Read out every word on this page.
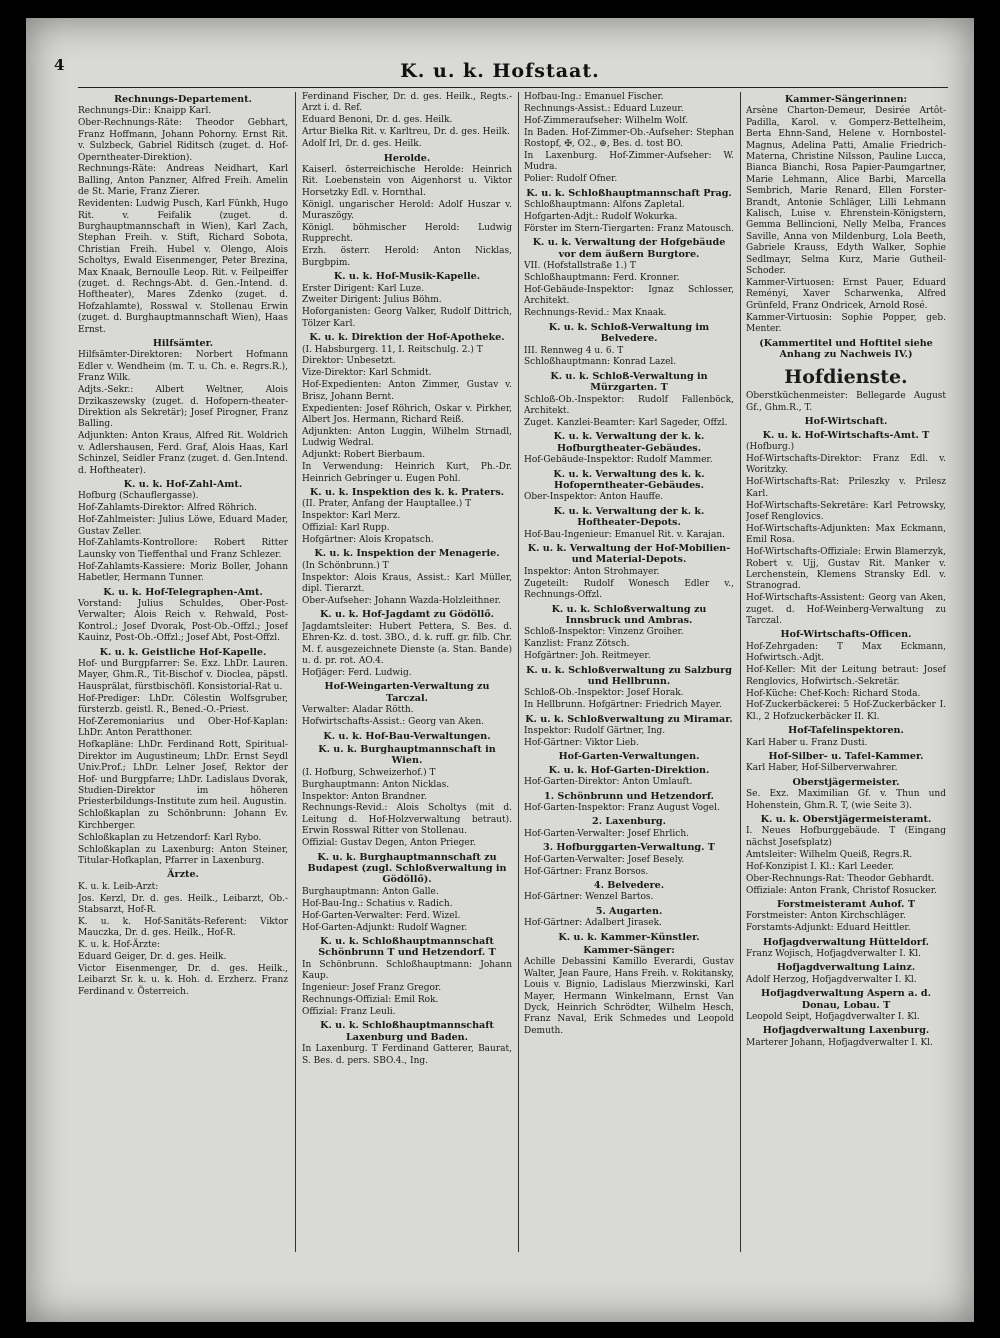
4	K. u. k. Hofstaat.
Rechnungs-Departement.
Rechnungs-Dir.: Knaipp Karl.
Ober-Rechnungs-Räte: Theodor Gebhart, Franz Hoffmann, Johann Pohorny. Ernst Rit. v. Sulzbeck, Gabriel Riditsch (zuget. d. Hof-Operntheater-Direktion).
Rechnungs-Räte: Andreas Neidhart, Karl Balling, Anton Panzner, Alfred Freih. Amelin de St. Marie, Franz Zierer.
Revidenten: Ludwig Pusch, Karl Fünkh, Hugo Rit. v. Feifalik (zuget. d. Burghauptmannschaft in Wien), Karl Zach, Stephan Freih. v. Stift, Richard Sobota, Christian Freih. Hubel v. Olengo, Alois Scholtys, Ewald Eisenmenger, Peter Brezina, Max Knaak, Bernoulle Leop. Rit. v. Feilpeiffer (zuget. d. Rechngs-Abt. d. Gen.-Intend. d. Hoftheater), Mares Zdenko (zuget. d. Hofzahlamte), Rosswal v. Stollenau Erwin (zuget. d. Burghauptmannschaft Wien), Haas Ernst.
Hilfsämter.
Hilfsämter-Direktoren: Norbert Hofmann Edler v. Wendheim (m. T. u. Ch. e. Regrs.R.), Franz Wilk.
Adjts.-Sekr.: Albert Weltner, Alois Drzikaszewsky (zuget. d. Hofopern-theater-Direktion als Sekretär); Josef Pirogner, Franz Balling.
Adjunkten: Anton Kraus, Alfred Rit. Woldrich v. Adlershausen, Ferd. Graf, Alois Haas, Karl Schinzel, Seidler Franz (zuget. d. Gen.Intend. d. Hoftheater).
K. u. k. Hof-Zahl-Amt.
Hofburg (Schauflergasse).
Hof-Zahlamts-Direktor: Alfred Röhrich.
Hof-Zahlmeister: Julius Löwe, Eduard Mader, Gustav Zeller.
Hof-Zahlamts-Kontrollore: Robert Ritter Launsky von Tieffenthal und Franz Schlezer.
Hof-Zahlamts-Kassiere: Moriz Boller, Johann Habetler, Hermann Tunner.
K. u. k. Hof-Telegraphen-Amt.
Vorstand: Julius Schuldes, Ober-Post-Verwalter; Alois Reich v. Rehwald, Post-Kontrol.; Josef Dvorak, Post-Ob.-Offzl.; Josef Kauinz, Post-Ob.-Offzl.; Josef Abt, Post-Offzl.
K. u. k. Geistliche Hof-Kapelle.
Hof- und Burgpfarrer: Se. Exz. LhDr. Lauren. Mayer, Ghm.R., Tit-Bischof v. Dioclea, päpstl. Hausprälat, fürstbischöfl. Konsistorial-Rat u.
Hof-Prediger: LhDr. Cölestin Wolfsgruber, fürsterzb. geistl. R., Bened.-O.-Priest.
Hof-Zeremoniarius und Ober-Hof-Kaplan: LhDr. Anton Peratthoner.
Hofkapläne: LhDr. Ferdinand Rott, Spiritual-Direktor im Augustineum; LhDr. Ernst Seydl Univ.Prof.; LhDr. Lelner Josef, Rektor der Hof- und Burgpfarre; LhDr. Ladislaus Dvorak, Studien-Direktor im höheren Priesterbildungs-Institute zum heil. Augustin.
Schloßkaplan zu Schönbrunn: Johann Ev. Kirchberger.
Schloßkaplan zu Hetzendorf: Karl Rybo.
Schloßkaplan zu Laxenburg: Anton Steiner, Titular-Hofkaplan, Pfarrer in Laxenburg.
Ärzte.
K. u. k. Leib-Arzt:
Jos. Kerzl, Dr. d. ges. Heilk., Leibarzt, Ob.-Stabsarzt, Hof-R.
K. u. k. Hof-Sanitäts-Referent: Viktor Mauczka, Dr. d. ges. Heilk., Hof-R.
K. u. k. Hof-Ärzte:
Eduard Geiger, Dr. d. ges. Heilk.
Victor Eisenmenger, Dr. d. ges. Heilk., Leibarzt Sr. k. u. k. Hoh. d. Erzherz. Franz Ferdinand v. Österreich.
Ferdinand Fischer, Dr. d. ges. Heilk., Regts.-Arzt i. d. Ref.
Eduard Benoni, Dr. d. ges. Heilk.
Artur Bielka Rit. v. Karltreu, Dr. d. ges. Heilk.
Adolf Irl, Dr. d. ges. Heilk.
Herolde.
Kaiserl. österreichische Herolde: Heinrich Rit. Loebenstein von Aigenhorst u. Viktor Horsetzky Edl. v. Hornthal.
Königl. ungarischer Herold: Adolf Huszar v. Muraszögy.
Königl. böhmischer Herold: Ludwig Rupprecht.
Erzh. österr. Herold: Anton Nicklas, Burgbpim.
K. u. k. Hof-Musik-Kapelle.
Erster Dirigent: Karl Luze.
Zweiter Dirigent: Julius Böhm.
Hoforganisten: Georg Valker, Rudolf Dittrich, Tölzer Karl.
K. u. k. Direktion der Hof-Apotheke.
(I. Habsburgerg. 11, I. Reitschulg. 2.) T
Direktor: Unbesetzt.
Vize-Direktor: Karl Schmidt.
Hof-Expedienten: Anton Zimmer, Gustav v. Brisz, Johann Bernt.
Expedienten: Josef Röhrich, Oskar v. Pirkher, Albert Jos. Hermann, Richard Reiß.
Adjunkten: Anton Luggin, Wilhelm Strnadl, Ludwig Wedral.
Adjunkt: Robert Bierbaum.
In Verwendung: Heinrich Kurt, Ph.-Dr. Heinrich Gebringer u. Eugen Pohl.
K. u. k. Inspektion des k. k. Praters.
(II. Prater, Anfang der Hauptallee.) T
Inspektor: Karl Merz.
Offizial: Karl Rupp.
Hofgärtner: Alois Kropatsch.
K. u. k. Inspektion der Menagerie.
(In Schönbrunn.) T
Inspektor: Alois Kraus, Assist.: Karl Müller, dipl. Tierarzt.
Ober-Aufseher: Johann Wazda-Holzleithner.
K. u. k. Hof-Jagdamt zu Gödöllő.
Jagdamtsleiter: Hubert Pettera, S. Bes. d. Ehren-Kz. d. tost. 3BO., d. k. ruff. gr. filb. Chr. M. f. ausgezeichnete Dienste (a. Stan. Bande) u. d. pr. rot. AO.4.
Hofjäger: Ferd. Ludwig.
Hof-Weingarten-Verwaltung zu Tarczal.
Verwalter: Aladar Rötth.
Hofwirtschafts-Assist.: Georg van Aken.
K. u. k. Hof-Bau-Verwaltungen.
K. u. k. Burghauptmannschaft in Wien.
(I. Hofburg, Schweizerhof.) T
Burghauptmann: Anton Nicklas.
Inspektor: Anton Brandner.
Rechnungs-Revid.: Alois Scholtys (mit d. Leitung d. Hof-Holzverwaltung betraut). Erwin Rosswal Ritter von Stollenau.
Offizial: Gustav Degen, Anton Prieger.
K. u. k. Burghauptmannschaft zu Budapest (zugl. Schloßverwaltung in Gödöllő).
Burghauptmann: Anton Galle.
Hof-Bau-Ing.: Schatius v. Radich.
Hof-Garten-Verwalter: Ferd. Wizel.
Hof-Garten-Adjunkt: Rudolf Wagner.
K. u. k. Schloßhauptmannschaft Schönbrunn T und Hetzendorf. T
In Schönbrunn. Schloßhauptmann: Johann Kaup.
Ingenieur: Josef Franz Gregor.
Rechnungs-Offizial: Emil Rok.
Offizial: Franz Leuli.
K. u. k. Schloßhauptmannschaft Laxenburg und Baden.
In Laxenburg. T Ferdinand Gatterer, Baurat, S. Bes. d. pers. SBO.4., Ing.
Hofbau-Ing.: Emanuel Fischer.
Rechnungs-Assist.: Eduard Luzeur.
Hof-Zimmeraufseher: Wilhelm Wolf.
In Baden. Hof-Zimmer-Ob.-Aufseher: Stephan Rostopf, ✠, O2., ⊕, Bes. d. tost BO.
In Laxenburg. Hof-Zimmer-Aufseher: W. Mudra.
Polier: Rudolf Ofner.
K. u. k. Schloßhauptmannschaft Prag.
Schloßhauptmann: Alfons Zapletal.
Hofgarten-Adjt.: Rudolf Wokurka.
Förster im Stern-Tiergarten: Franz Matousch.
K. u. k. Verwaltung der Hofgebäude vor dem äußern Burgtore.
VII. (Hofstallstraße 1.) T
Schloßhauptmann: Ferd. Kronner.
Hof-Gebäude-Inspektor: Ignaz Schlosser, Architekt.
Rechnungs-Revid.: Max Knaak.
K. u. k. Schloß-Verwaltung im Belvedere.
III. Rennweg 4 u. 6. T
Schloßhauptmann: Konrad Lazel.
K. u. k. Schloß-Verwaltung in Mürzgarten. T
Schloß-Ob.-Inspektor: Rudolf Fallenböck, Architekt.
Zuget. Kanzlei-Beamter: Karl Sageder, Offzl.
K. u. k. Verwaltung der k. k. Hofburgtheater-Gebäudes.
Hof-Gebäude-Inspektor: Rudolf Mammer.
K. u. k. Verwaltung des k. k. Hofoperntheater-Gebäudes.
Ober-Inspektor: Anton Hauffe.
K. u. k. Verwaltung der k. k. Hoftheater-Depots.
Hof-Bau-Ingenieur: Emanuel Rit. v. Karajan.
K. u. k. Verwaltung der Hof-Mobilien- und Material-Depots.
Inspektor: Anton Strohmayer.
Zugeteilt: Rudolf Wonesch Edler v., Rechnungs-Offzl.
K. u. k. Schloßverwaltung zu Innsbruck und Ambras.
Schloß-Inspektor: Vinzenz Groiher.
Kanzlist: Franz Zötsch.
Hofgärtner: Joh. Reitmeyer.
K. u. k. Schloßverwaltung zu Salzburg und Hellbrunn.
Schloß-Ob.-Inspektor: Josef Horak.
In Hellbrunn. Hofgärtner: Friedrich Mayer.
K. u. k. Schloßverwaltung zu Miramar.
Inspektor: Rudolf Gärtner, Ing.
Hof-Gärtner: Viktor Lieb.
Hof-Garten-Verwaltungen.
K. u. k. Hof-Garten-Direktion.
Hof-Garten-Direktor: Anton Umlauft.
1. Schönbrunn und Hetzendorf.
Hof-Garten-Inspektor: Franz August Vogel.
2. Laxenburg.
Hof-Garten-Verwalter: Josef Ehrlich.
3. Hofburggarten-Verwaltung. T
Hof-Garten-Verwalter: Josef Besely.
Hof-Gärtner: Franz Borsos.
4. Belvedere.
Hof-Gärtner: Wenzel Bartos.
5. Augarten.
Hof-Gärtner: Adalbert Jirasek.
K. u. k. Kammer-Künstler.
Kammer-Sänger:
Achille Debassini Kamillo Everardi, Gustav Walter, Jean Faure, Hans Freih. v. Rokitansky, Louis v. Bignio, Ladislaus Mierzwinski, Karl Mayer, Hermann Winkelmann, Ernst Van Dyck, Heinrich Schrödter, Wilhelm Hesch, Franz Naval, Erik Schmedes und Leopold Demuth.
Kammer-Sängerinnen:
Arsène Charton-Demeur, Desirée Artôt-Padilla, Karol. v. Gomperz-Bettelheim, Berta Ehnn-Sand, Helene v. Hornbostel-Magnus, Adelina Patti, Amalie Friedrich-Materna, Christine Nilsson, Pauline Lucca, Bianca Bianchi, Rosa Papier-Paumgartner, Marie Lehmann, Alice Barbi, Marcella Sembrich, Marie Renard, Ellen Forster-Brandt, Antonie Schläger, Lilli Lehmann Kalisch, Luise v. Ehrenstein-Königstern, Gemma Bellincioni, Nelly Melba, Frances Saville, Anna von Mildenburg, Lola Beeth, Gabriele Krauss, Edyth Walker, Sophie Sedlmayr, Selma Kurz, Marie Gutheil-Schoder.
Kammer-Virtuosen: Ernst Pauer, Eduard Reményi, Xaver Scharwenka, Alfred Grünfeld, Franz Ondricek, Arnold Rosé.
Kammer-Virtuosin: Sophie Popper, geb. Menter.
(Kammertitel und Hoftitel siehe Anhang zu Nachweis IV.)
Hofdienste.
Oberstküchenmeister: Bellegarde August Gf., Ghm.R., T.
Hof-Wirtschaft.
K. u. k. Hof-Wirtschafts-Amt. T
(Hofburg.)
Hof-Wirtschafts-Direktor: Franz Edl. v. Woritzky.
Hof-Wirtschafts-Rat: Prileszky v. Prilesz Karl.
Hof-Wirtschafts-Sekretäre: Karl Petrowsky, Josef Renglovics.
Hof-Wirtschafts-Adjunkten: Max Eckmann, Emil Rosa.
Hof-Wirtschafts-Offiziale: Erwin Blamerzyk, Robert v. Ujj, Gustav Rit. Manker v. Lerchenstein, Klemens Stransky Edl. v. Stranograd.
Hof-Wirtschafts-Assistent: Georg van Aken, zuget. d. Hof-Weinberg-Verwaltung zu Tarczal.
Hof-Wirtschafts-Officen.
Hof-Zehrgaden: T Max Eckmann, Hofwirtsch.-Adjt.
Hof-Keller: Mit der Leitung betraut: Josef Renglovics, Hofwirtsch.-Sekretär.
Hof-Küche: Chef-Koch: Richard Stoda.
Hof-Zuckerbäckerei: 5 Hof-Zuckerbäcker I. Kl., 2 Hofzuckerbäcker II. Kl.
Hof-Tafelinspektoren.
Karl Haber u. Franz Dusti.
Hof-Silber- u. Tafel-Kammer.
Karl Haber, Hof-Silberverwahrer.
Oberstjägermeister.
Se. Exz. Maximilian Gf. v. Thun und Hohenstein, Ghm.R. T, (wie Seite 3).
K. u. k. Oberstjägermeisteramt.
I. Neues Hofburggebäude. T (Eingang nächst Josefsplatz)
Amtsleiter: Wilhelm Queiß, Regrs.R.
Hof-Konzipist I. Kl.: Karl Leeder.
Ober-Rechnungs-Rat: Theodor Gebhardt.
Offiziale: Anton Frank, Christof Rosucker.
Forstmeisteramt Auhof. T
Forstmeister: Anton Kirchschläger.
Forstamts-Adjunkt: Eduard Heittler.
Hofjagdverwaltung Hütteldorf.
Franz Wojisch, Hofjagdverwalter I. Kl.
Hofjagdverwaltung Lainz.
Adolf Herzog, Hofjagdverwalter I. Kl.
Hofjagdverwaltung Aspern a. d. Donau, Lobau. T
Leopold Seipt, Hofjagdverwalter I. Kl.
Hofjagdverwaltung Laxenburg.
Marterer Johann, Hofjagdverwalter I. Kl.
